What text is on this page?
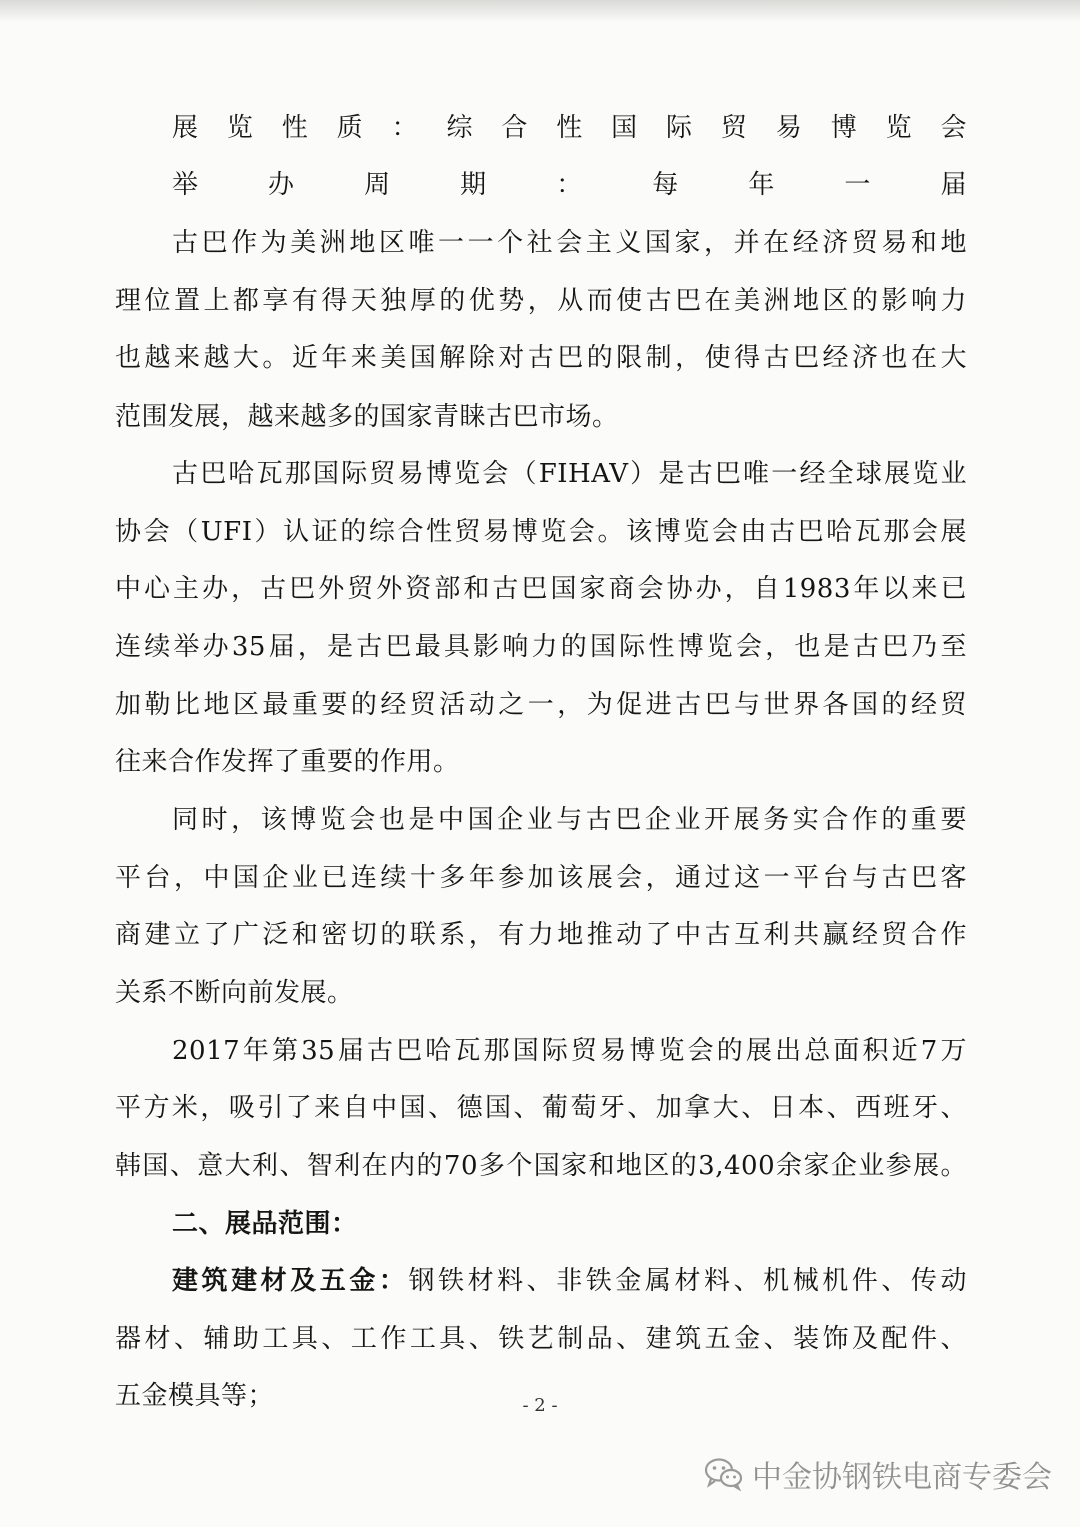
展览性质：综合性国际贸易博览会
举办周期：每年一届
古巴作为美洲地区唯一一个社会主义国家，并在经济贸易和地
理位置上都享有得天独厚的优势，从而使古巴在美洲地区的影响力
也越来越大。近年来美国解除对古巴的限制，使得古巴经济也在大
范围发展，越来越多的国家青睐古巴市场。
古巴哈瓦那国际贸易博览会（FIHAV）是古巴唯一经全球展览业
协会（UFI）认证的综合性贸易博览会。该博览会由古巴哈瓦那会展
中心主办，古巴外贸外资部和古巴国家商会协办，自1983年以来已
连续举办35届，是古巴最具影响力的国际性博览会，也是古巴乃至
加勒比地区最重要的经贸活动之一，为促进古巴与世界各国的经贸
往来合作发挥了重要的作用。
同时，该博览会也是中国企业与古巴企业开展务实合作的重要
平台，中国企业已连续十多年参加该展会，通过这一平台与古巴客
商建立了广泛和密切的联系，有力地推动了中古互利共赢经贸合作
关系不断向前发展。
2017年第35届古巴哈瓦那国际贸易博览会的展出总面积近7万
平方米，吸引了来自中国、德国、葡萄牙、加拿大、日本、西班牙、
韩国、意大利、智利在内的70多个国家和地区的3,400余家企业参展。
二、展品范围：
建筑建材及五金：钢铁材料、非铁金属材料、机械机件、传动
器材、辅助工具、工作工具、铁艺制品、建筑五金、装饰及配件、
五金模具等；	- 2 -
中金协钢铁电商专委会
